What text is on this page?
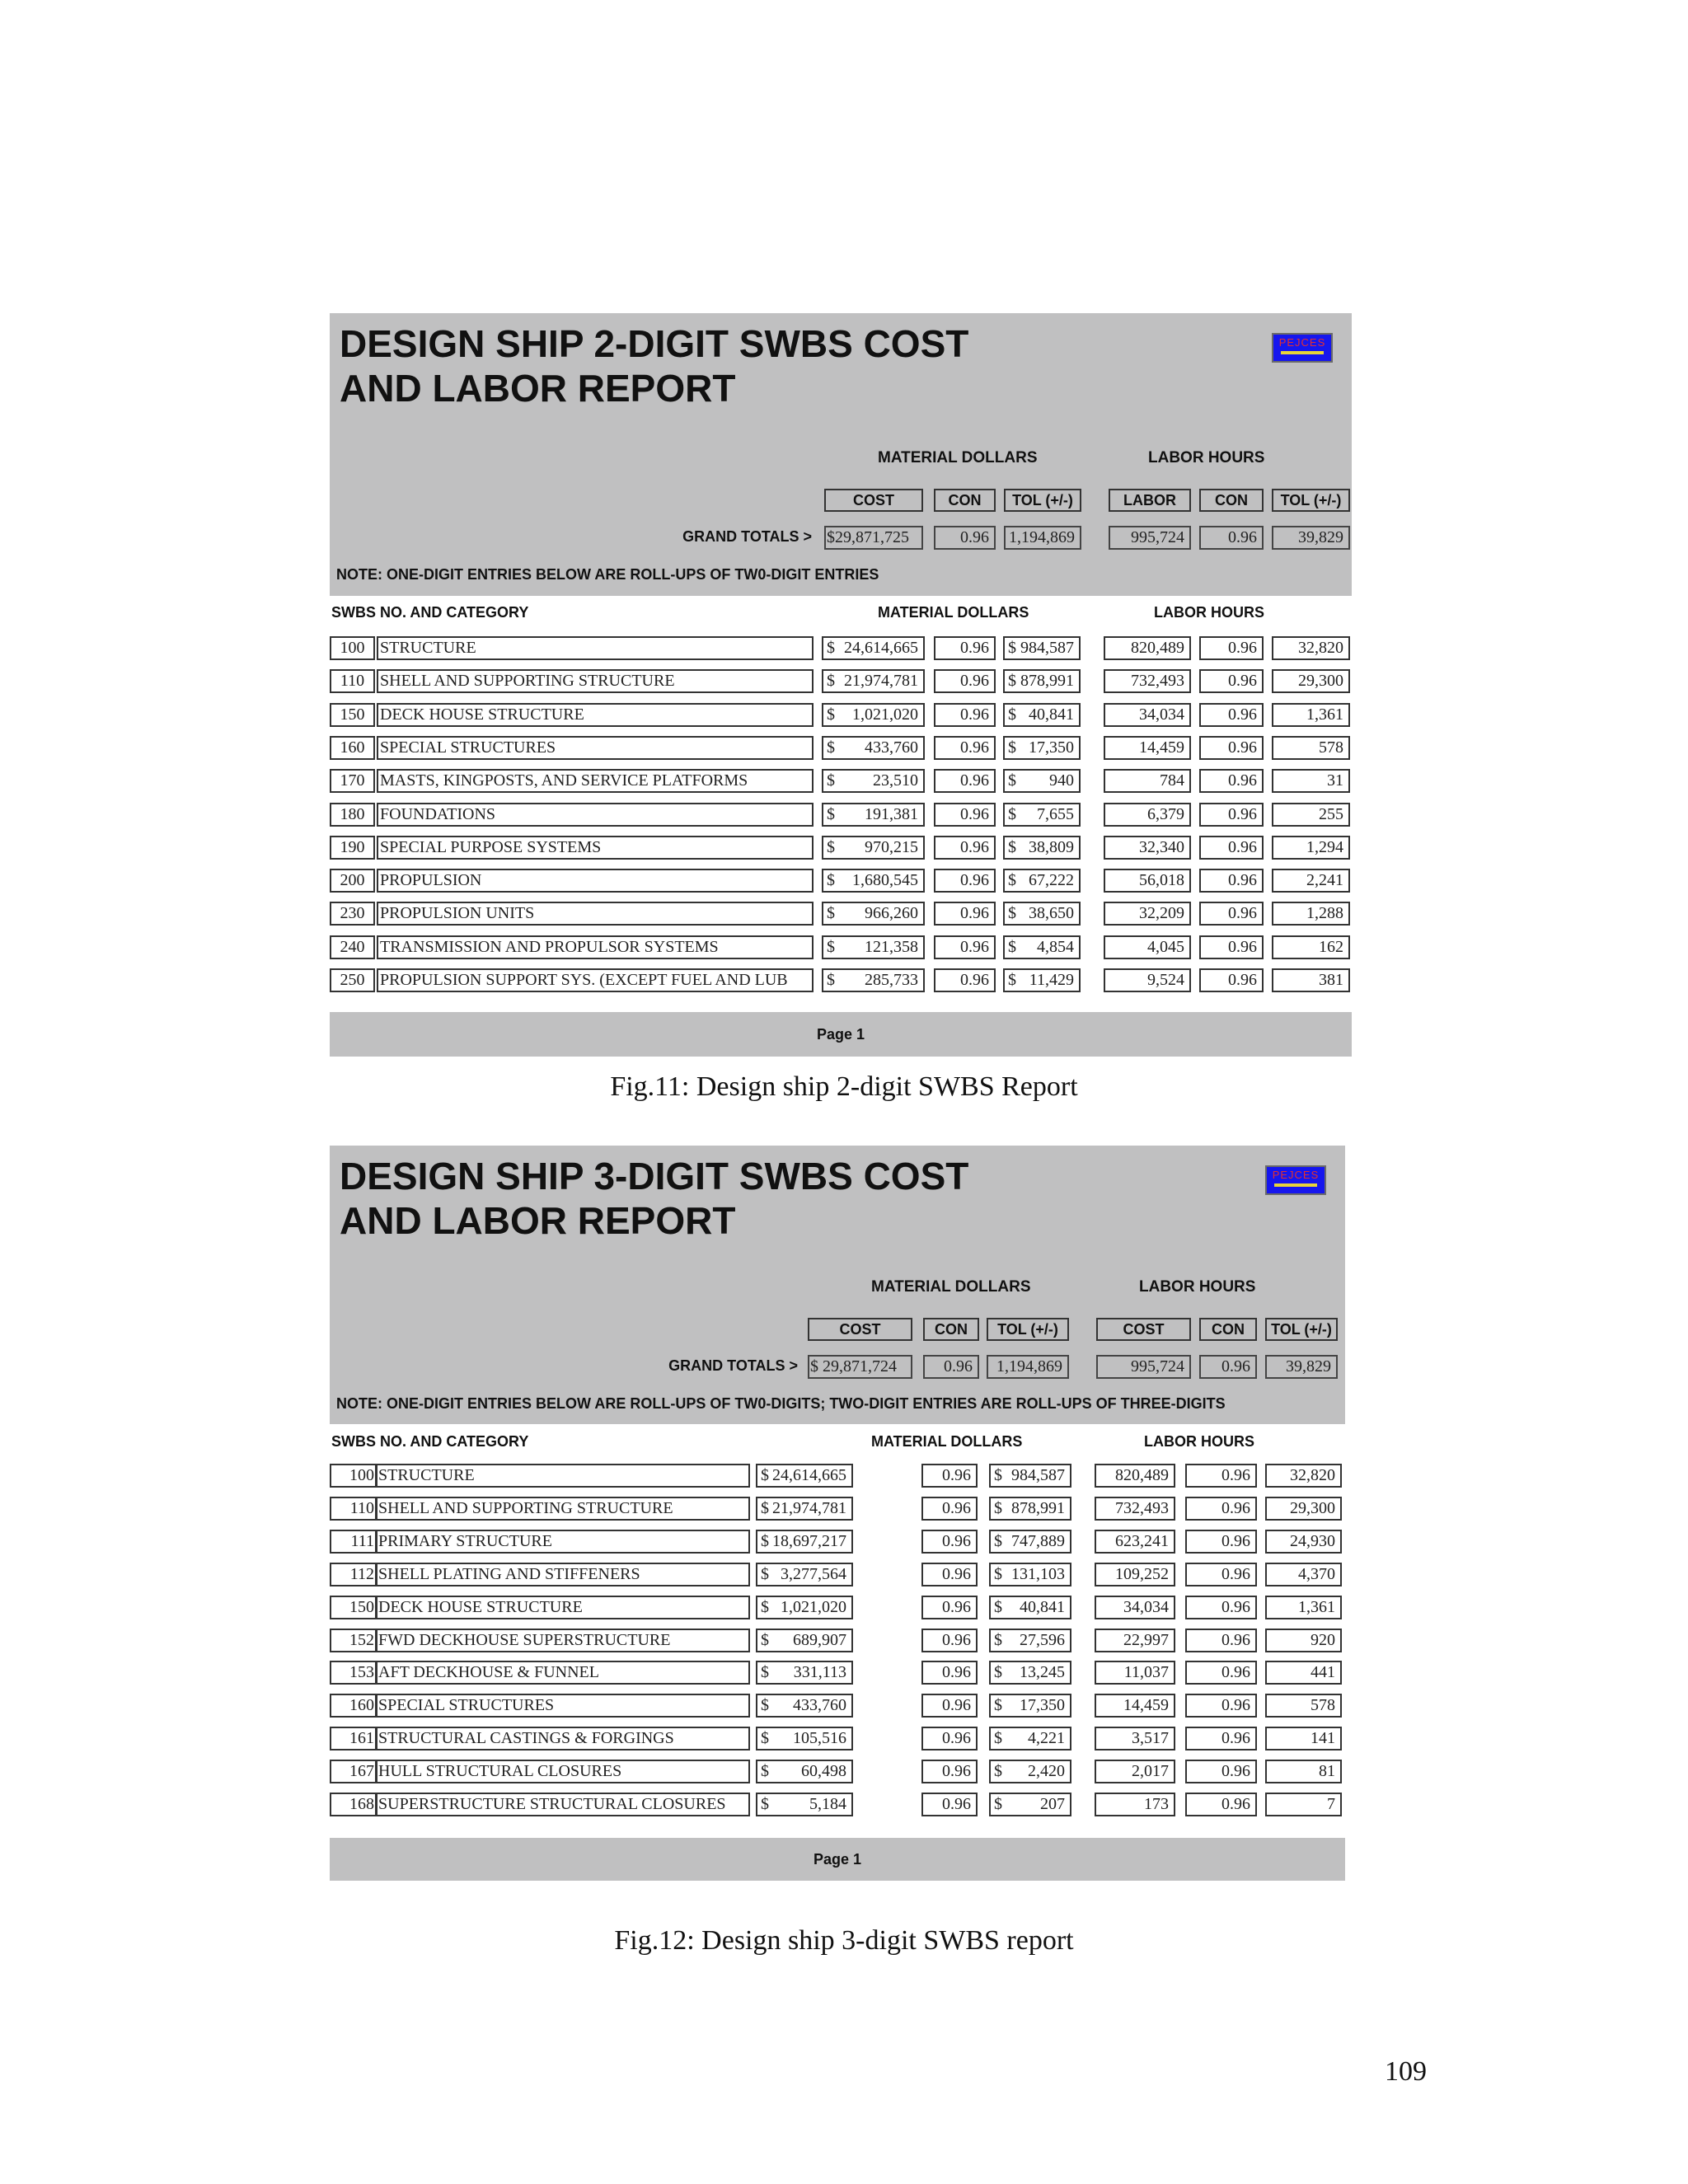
DESIGN SHIP 2-DIGIT SWBS COST
AND LABOR REPORT
PEJCES
MATERIAL DOLLARS	LABOR HOURS
COST	CON	TOL (+/-)	LABOR	CON	TOL (+/-)
GRAND TOTALS > $29,871,725	0.96	1,194,869	995,724	0.96	39,829
NOTE: ONE-DIGIT ENTRIES BELOW ARE ROLL-UPS OF TW0-DIGIT ENTRIES
SWBS NO. AND CATEGORY	MATERIAL DOLLARS	LABOR HOURS
100 STRUCTURE	$ 24,614,665	0.96	$ 984,587	820,489	0.96	32,820
110 SHELL AND SUPPORTING STRUCTURE	$ 21,974,781	0.96	$ 878,991	732,493	0.96	29,300
150 DECK HOUSE STRUCTURE	$ 1,021,020	0.96	$ 40,841	34,034	0.96	1,361
160 SPECIAL STRUCTURES	$ 433,760	0.96	$ 17,350	14,459	0.96	578
170 MASTS, KINGPOSTS, AND SERVICE PLATFORMS	$ 23,510	0.96	$ 940	784	0.96	31
180 FOUNDATIONS	$ 191,381	0.96	$ 7,655	6,379	0.96	255
190 SPECIAL PURPOSE SYSTEMS	$ 970,215	0.96	$ 38,809	32,340	0.96	1,294
200 PROPULSION	$ 1,680,545	0.96	$ 67,222	56,018	0.96	2,241
230 PROPULSION UNITS	$ 966,260	0.96	$ 38,650	32,209	0.96	1,288
240 TRANSMISSION AND PROPULSOR SYSTEMS	$ 121,358	0.96	$ 4,854	4,045	0.96	162
250 PROPULSION SUPPORT SYS. (EXCEPT FUEL AND LUB	$ 285,733	0.96	$ 11,429	9,524	0.96	381
Page 1
DESIGN SHIP 3-DIGIT SWBS COST
AND LABOR REPORT
PEJCES
MATERIAL DOLLARS	LABOR HOURS
COST	CON	TOL (+/-)	COST	CON	TOL (+/-)
GRAND TOTALS > $ 29,871,724	0.96	1,194,869	995,724	0.96	39,829
NOTE: ONE-DIGIT ENTRIES BELOW ARE ROLL-UPS OF TW0-DIGITS; TWO-DIGIT ENTRIES ARE ROLL-UPS OF THREE-DIGITS
SWBS NO. AND CATEGORY	MATERIAL DOLLARS	LABOR HOURS
100 STRUCTURE	$ 24,614,665	0.96	$ 984,587	820,489	0.96	32,820
110 SHELL AND SUPPORTING STRUCTURE	$ 21,974,781	0.96	$ 878,991	732,493	0.96	29,300
111 PRIMARY STRUCTURE	$ 18,697,217	0.96	$ 747,889	623,241	0.96	24,930
112 SHELL PLATING AND STIFFENERS	$ 3,277,564	0.96	$ 131,103	109,252	0.96	4,370
150 DECK HOUSE STRUCTURE	$ 1,021,020	0.96	$ 40,841	34,034	0.96	1,361
152 FWD DECKHOUSE SUPERSTRUCTURE	$ 689,907	0.96	$ 27,596	22,997	0.96	920
153 AFT DECKHOUSE & FUNNEL	$ 331,113	0.96	$ 13,245	11,037	0.96	441
160 SPECIAL STRUCTURES	$ 433,760	0.96	$ 17,350	14,459	0.96	578
161 STRUCTURAL CASTINGS & FORGINGS	$ 105,516	0.96	$ 4,221	3,517	0.96	141
167 HULL STRUCTURAL CLOSURES	$ 60,498	0.96	$ 2,420	2,017	0.96	81
168 SUPERSTRUCTURE STRUCTURAL CLOSURES	$ 5,184	0.96	$ 207	173	0.96	7
Page 1
Fig.11: Design ship 2-digit SWBS Report
Fig.12: Design ship 3-digit SWBS report
109
